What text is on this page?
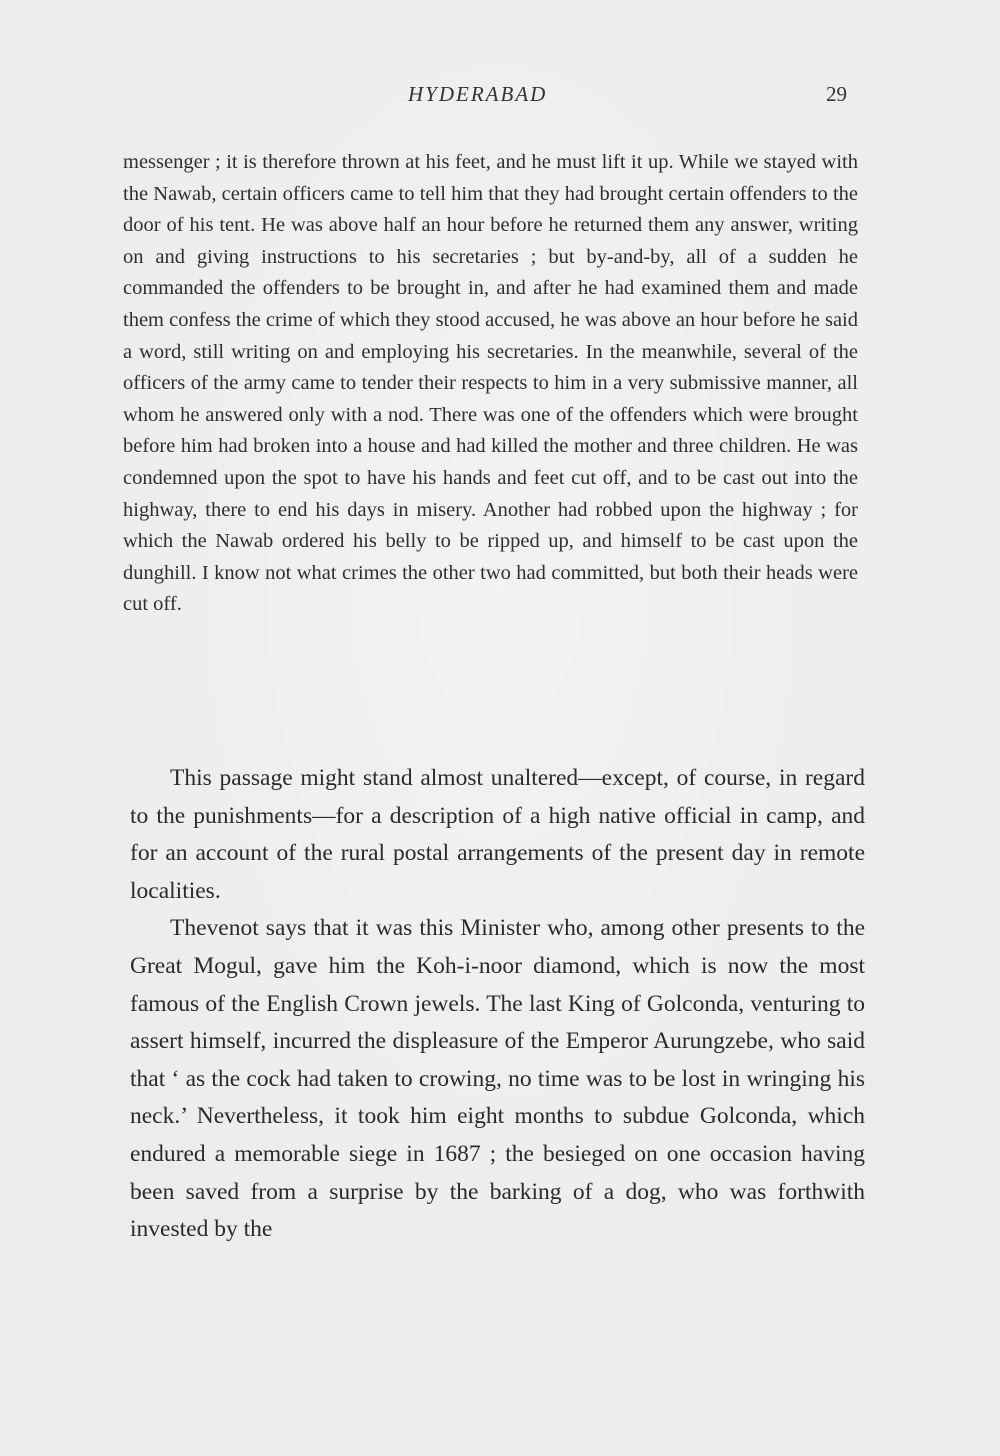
HYDERABAD	29

messenger ; it is therefore thrown at his feet, and he must lift it up. While we stayed with the Nawab, certain officers came to tell him that they had brought certain offenders to the door of his tent. He was above half an hour before he returned them any answer, writing on and giving instructions to his secretaries ; but by-and-by, all of a sudden he commanded the offenders to be brought in, and after he had examined them and made them confess the crime of which they stood accused, he was above an hour before he said a word, still writing on and employing his secretaries. In the meanwhile, several of the officers of the army came to tender their respects to him in a very submissive manner, all whom he answered only with a nod. There was one of the offenders which were brought before him had broken into a house and had killed the mother and three children. He was condemned upon the spot to have his hands and feet cut off, and to be cast out into the highway, there to end his days in misery. Another had robbed upon the highway ; for which the Nawab ordered his belly to be ripped up, and himself to be cast upon the dunghill. I know not what crimes the other two had committed, but both their heads were cut off.

This passage might stand almost unaltered—except, of course, in regard to the punishments—for a description of a high native official in camp, and for an account of the rural postal arrangements of the present day in remote localities.

Thevenot says that it was this Minister who, among other presents to the Great Mogul, gave him the Koh-i-noor diamond, which is now the most famous of the English Crown jewels. The last King of Golconda, venturing to assert himself, incurred the displeasure of the Emperor Aurungzebe, who said that ‘ as the cock had taken to crowing, no time was to be lost in wringing his neck.’ Nevertheless, it took him eight months to subdue Golconda, which endured a memorable siege in 1687 ; the besieged on one occasion having been saved from a surprise by the barking of a dog, who was forthwith invested by the
